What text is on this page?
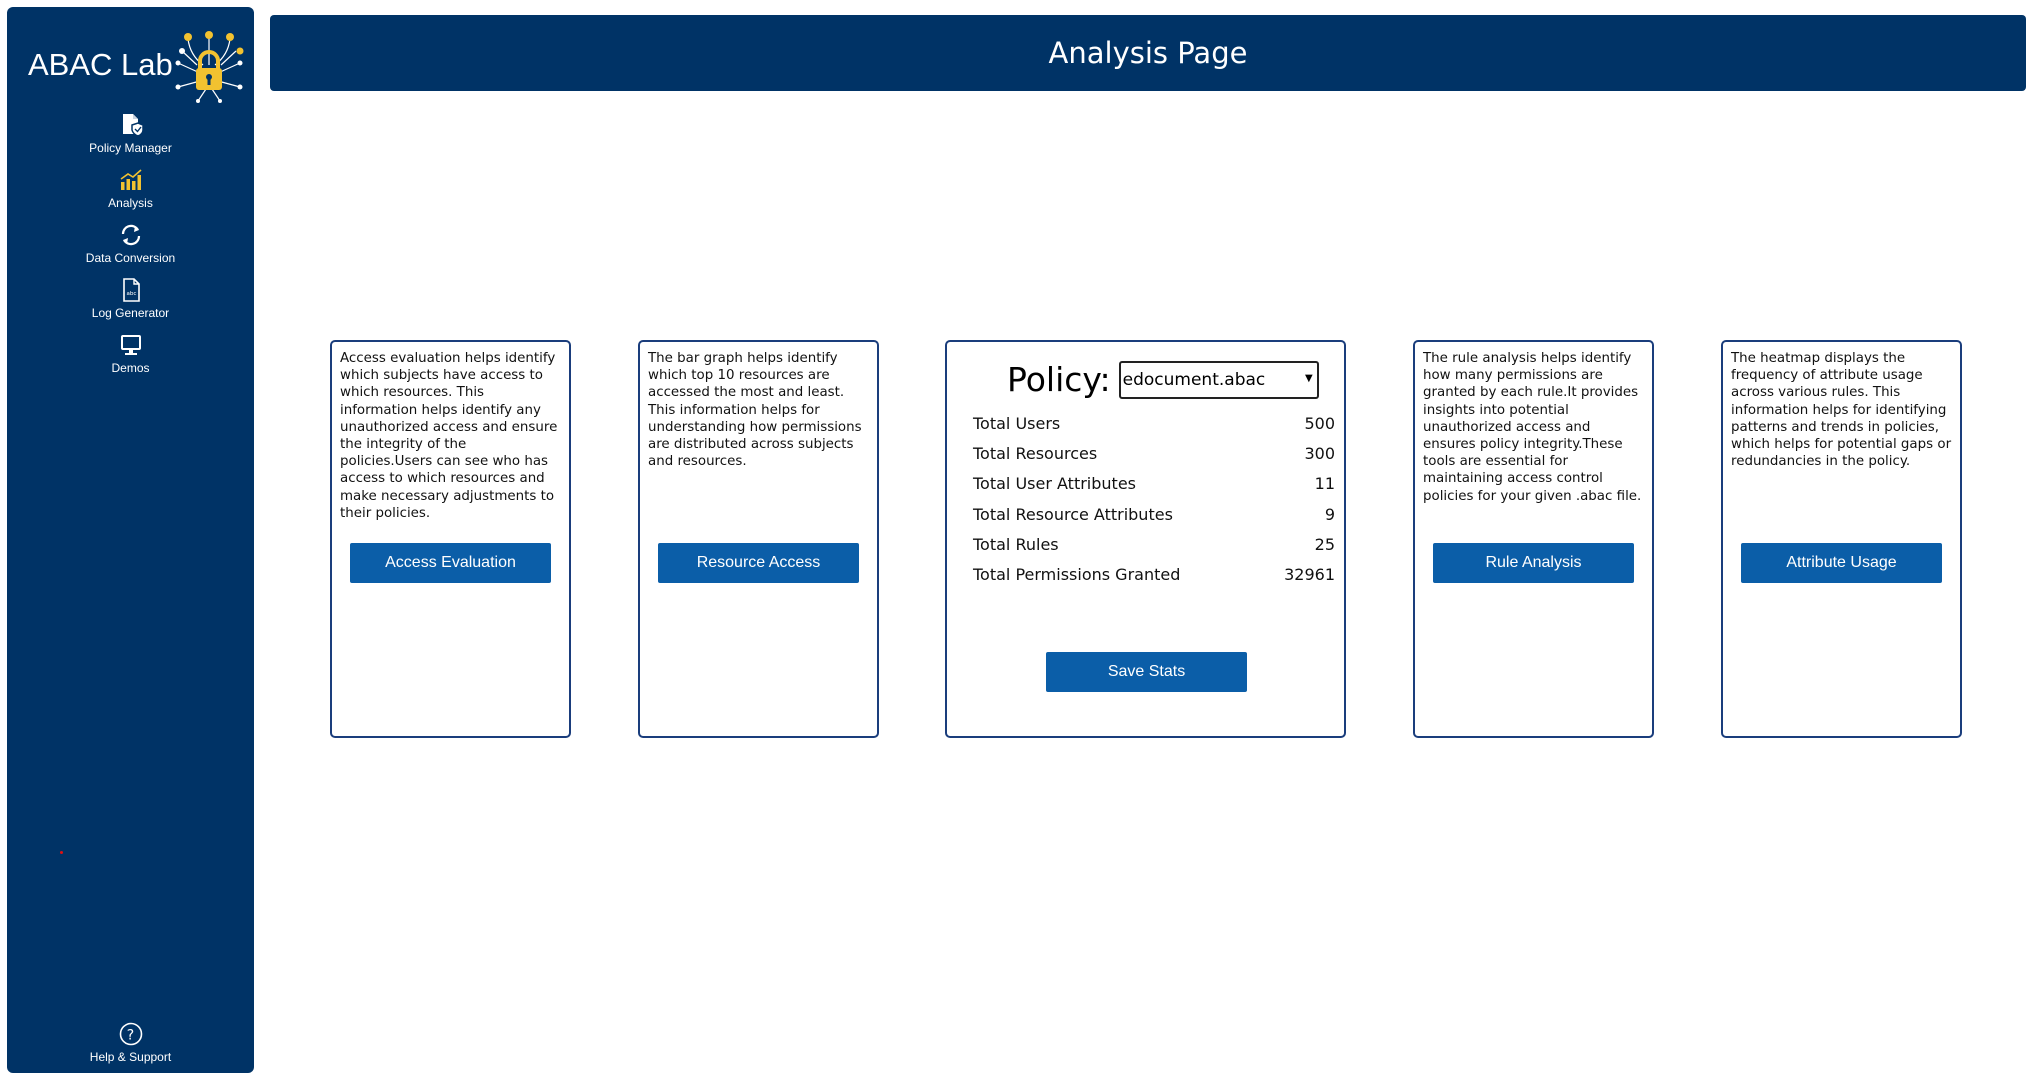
ABAC Lab
Policy Manager
Analysis
Data Conversion
abc
Log Generator
Demos
?
Help & Support
Analysis Page
Access evaluation helps identify which subjects have access to which resources. This information helps identify any unauthorized access and ensure the integrity of the policies.Users can see who has access to which resources and make necessary adjustments to their policies.
Access Evaluation
The bar graph helps identify which top 10 resources are accessed the most and least. This information helps for understanding how permissions are distributed across subjects and resources.
Resource Access
Policy: edocument.abac	▼
Total Users	500
Total Resources	300
Total User Attributes	11
Total Resource Attributes	9
Total Rules	25
Total Permissions Granted	32961
Save Stats
The rule analysis helps identify how many permissions are granted by each rule.It provides insights into potential unauthorized access and ensures policy integrity.These tools are essential for maintaining access control policies for your given .abac file.
Rule Analysis
The heatmap displays the frequency of attribute usage across various rules. This information helps for identifying patterns and trends in policies, which helps for potential gaps or redundancies in the policy.
Attribute Usage
